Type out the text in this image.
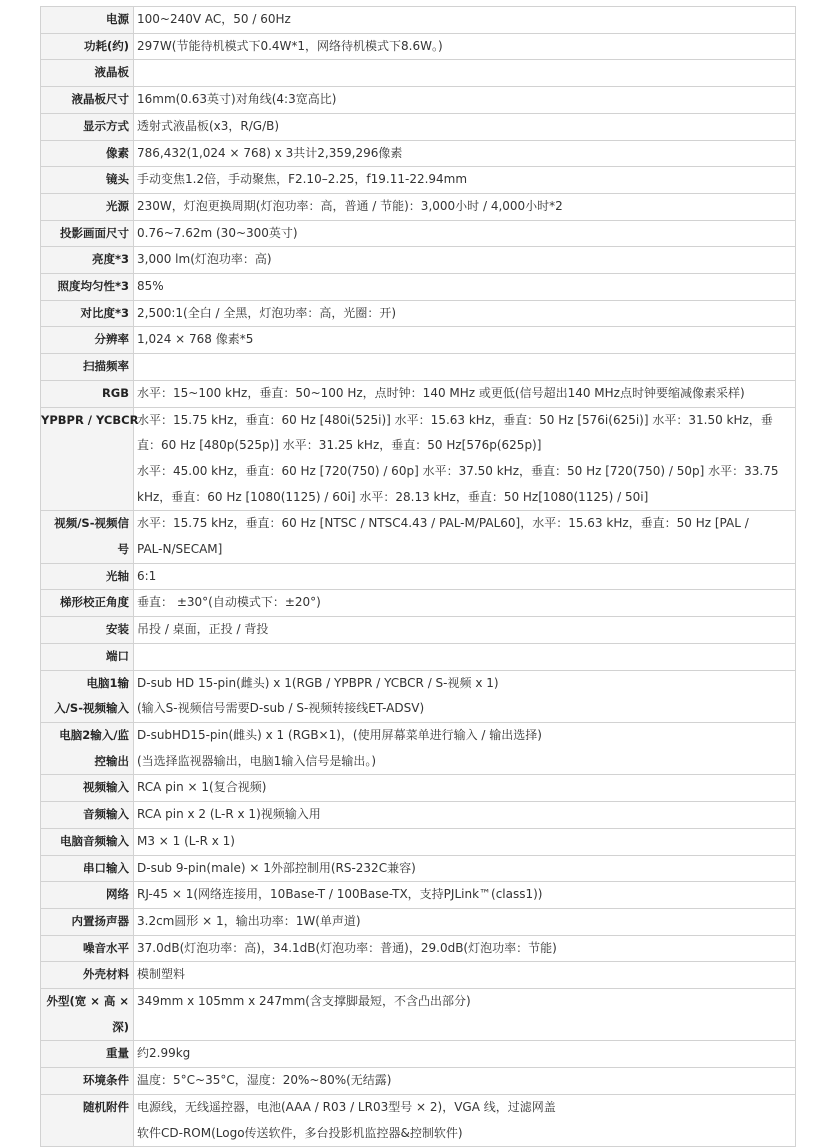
电源	100~240V AC，50 / 60Hz

功耗(约)	297W(节能待机模式下0.4W*1，网络待机模式下8.6W。)

液晶板	

液晶板尺寸	16mm(0.63英寸)对角线(4:3宽高比)

显示方式	透射式液晶板(x3，R/G/B)

像素	786,432(1,024 × 768) x 3共计2,359,296像素

镜头	手动变焦1.2倍，手动聚焦，F2.10–2.25，f19.11-22.94mm

光源	230W，灯泡更换周期(灯泡功率：高，普通 / 节能)：3,000小时 / 4,000小时*2

投影画面尺寸	0.76~7.62m (30~300英寸)

亮度*3	3,000 lm(灯泡功率：高)

照度均匀性*3	85%

对比度*3	2,500:1(全白 / 全黑，灯泡功率：高，光圈：开)

分辨率	1,024 × 768 像素*5

扫描频率	

RGB	水平：15~100 kHz，垂直：50~100 Hz，点时钟：140 MHz 或更低(信号超出140 MHz点时钟要缩减像素采样)

YPBPR / YCBCR	水平：15.75 kHz，垂直：60 Hz [480i(525i)] 水平：15.63 kHz，垂直：50 Hz [576i(625i)] 水平：31.50 kHz，垂
直：60 Hz [480p(525p)] 水平：31.25 kHz，垂直：50 Hz[576p(625p)]
水平：45.00 kHz，垂直：60 Hz [720(750) / 60p] 水平：37.50 kHz，垂直：50 Hz [720(750) / 50p] 水平：33.75
kHz，垂直：60 Hz [1080(1125) / 60i] 水平：28.13 kHz，垂直：50 Hz[1080(1125) / 50i]

视频/S-视频信
号	水平：15.75 kHz，垂直：60 Hz [NTSC / NTSC4.43 / PAL-M/PAL60]，水平：15.63 kHz，垂直：50 Hz [PAL /
PAL-N/SECAM]

光轴	6:1

梯形校正角度	垂直： ±30°(自动模式下：±20°)

安装	吊投 / 桌面，正投 / 背投

端口	

电脑1输
入/S-视频输入	D-sub HD 15-pin(雌头) x 1(RGB / YPBPR / YCBCR / S-视频 x 1)
(输入S-视频信号需要D-sub / S-视频转接线ET-ADSV)

电脑2输入/监
控输出	D-subHD15-pin(雌头) x 1 (RGB×1)，(使用屏幕菜单进行输入 / 输出选择)
(当选择监视器输出，电脑1输入信号是输出。)

视频输入	RCA pin × 1(复合视频)

音频输入	RCA pin x 2 (L-R x 1)视频输入用

电脑音频输入	M3 × 1 (L-R x 1)

串口输入	D-sub 9-pin(male) × 1外部控制用(RS-232C兼容)

网络	RJ-45 × 1(网络连接用，10Base-T / 100Base-TX，支持PJLink™(class1))

内置扬声器	3.2cm圆形 × 1，输出功率：1W(单声道)

噪音水平	37.0dB(灯泡功率：高)，34.1dB(灯泡功率：普通)，29.0dB(灯泡功率：节能)

外壳材料	模制塑料

外型(宽 × 高 ×
深)	349mm x 105mm x 247mm(含支撑脚最短，不含凸出部分)

重量	约2.99kg

环境条件	温度：5°C~35°C，湿度：20%~80%(无结露)

随机附件	电源线，无线遥控器，电池(AAA / R03 / LR03型号 × 2)，VGA 线，过滤网盖
软件CD-ROM(Logo传送软件，多台投影机监控器&控制软件)
